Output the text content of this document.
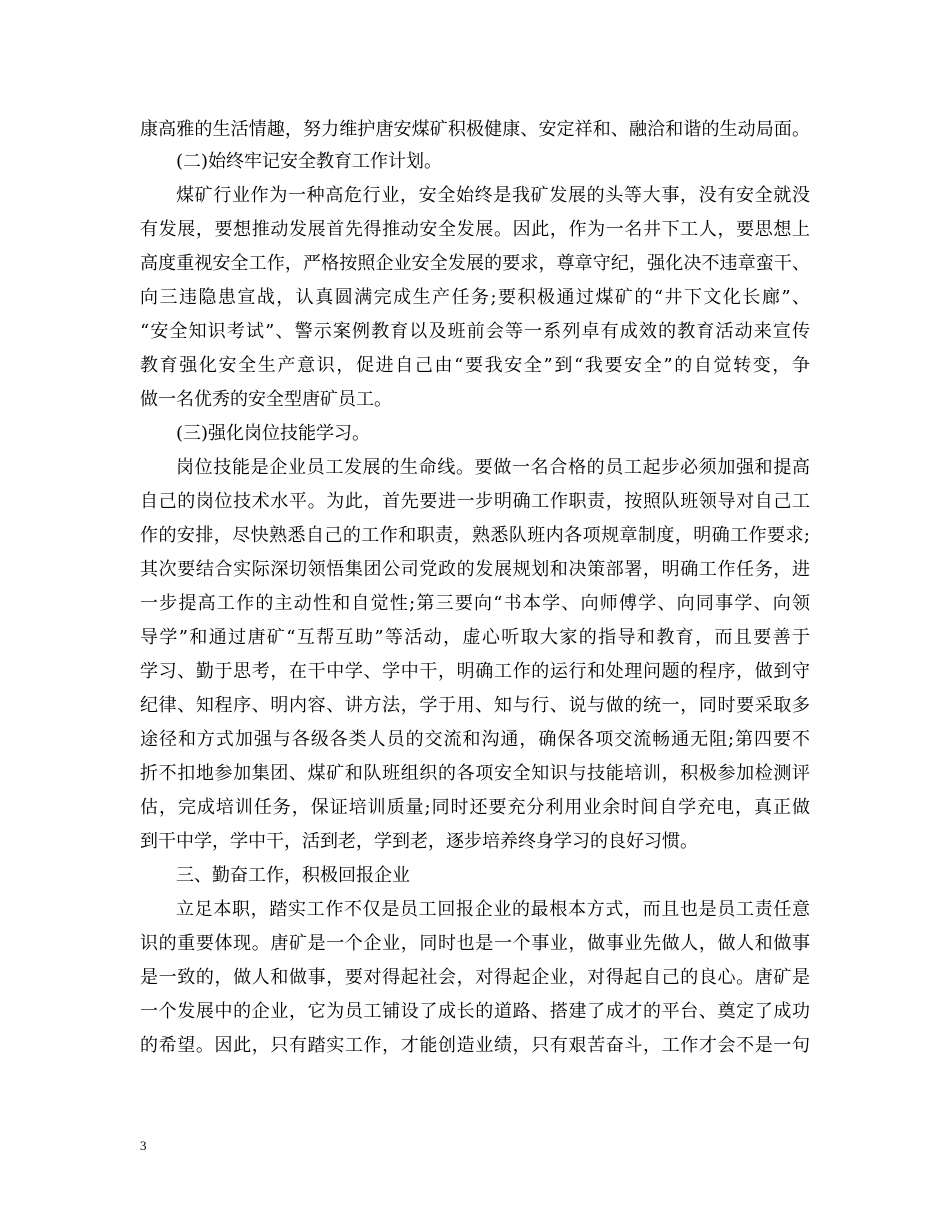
康高雅的生活情趣，努力维护唐安煤矿积极健康、安定祥和、融洽和谐的生动局面。
(二)始终牢记安全教育工作计划。
煤矿行业作为一种高危行业，安全始终是我矿发展的头等大事，没有安全就没
有发展，要想推动发展首先得推动安全发展。因此，作为一名井下工人，要思想上
高度重视安全工作，严格按照企业安全发展的要求，尊章守纪，强化决不违章蛮干、
向三违隐患宣战，认真圆满完成生产任务;要积极通过煤矿的“井下文化长廊”、
“安全知识考试”、警示案例教育以及班前会等一系列卓有成效的教育活动来宣传
教育强化安全生产意识，促进自己由“要我安全”到“我要安全”的自觉转变，争
做一名优秀的安全型唐矿员工。
(三)强化岗位技能学习。
岗位技能是企业员工发展的生命线。要做一名合格的员工起步必须加强和提高
自己的岗位技术水平。为此，首先要进一步明确工作职责，按照队班领导对自己工
作的安排，尽快熟悉自己的工作和职责，熟悉队班内各项规章制度，明确工作要求;
其次要结合实际深切领悟集团公司党政的发展规划和决策部署，明确工作任务，进
一步提高工作的主动性和自觉性;第三要向“书本学、向师傅学、向同事学、向领
导学”和通过唐矿“互帮互助”等活动，虚心听取大家的指导和教育，而且要善于
学习、勤于思考，在干中学、学中干，明确工作的运行和处理问题的程序，做到守
纪律、知程序、明内容、讲方法，学于用、知与行、说与做的统一，同时要采取多
途径和方式加强与各级各类人员的交流和沟通，确保各项交流畅通无阻;第四要不
折不扣地参加集团、煤矿和队班组织的各项安全知识与技能培训，积极参加检测评
估，完成培训任务，保证培训质量;同时还要充分利用业余时间自学充电，真正做
到干中学，学中干，活到老，学到老，逐步培养终身学习的良好习惯。
三、勤奋工作，积极回报企业
立足本职，踏实工作不仅是员工回报企业的最根本方式，而且也是员工责任意
识的重要体现。唐矿是一个企业，同时也是一个事业，做事业先做人，做人和做事
是一致的，做人和做事，要对得起社会，对得起企业，对得起自己的良心。唐矿是
一个发展中的企业，它为员工铺设了成长的道路、搭建了成才的平台、奠定了成功
的希望。因此，只有踏实工作，才能创造业绩，只有艰苦奋斗，工作才会不是一句
3
